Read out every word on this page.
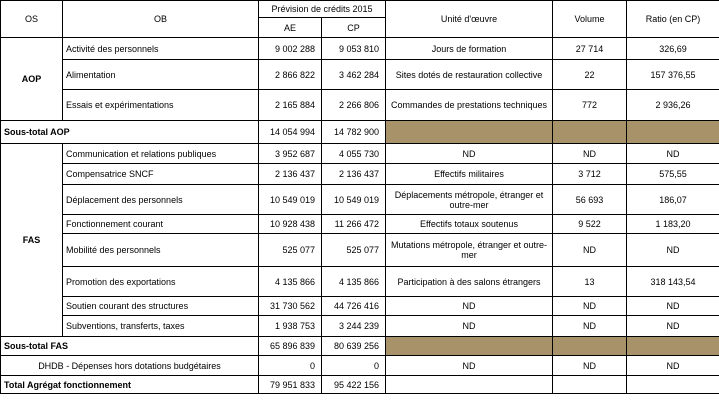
OS	OB	Prévision de crédits 2015		Unité d'œuvre	Volume	Ratio (en CP)
		AE	CP			
AOP	Activité des personnels	9 002 288	9 053 810	Jours de formation	27 714	326,69
	Alimentation	2 866 822	3 462 284	Sites dotés de restauration collective	22	157 376,55
	Essais et expérimentations	2 165 884	2 266 806	Commandes de prestations techniques	772	2 936,26
Sous-total AOP		14 054 994	14 782 900			
FAS	Communication et relations publiques	3 952 687	4 055 730	ND	ND	ND
	Compensatrice SNCF	2 136 437	2 136 437	Effectifs militaires	3 712	575,55
	Déplacement des personnels	10 549 019	10 549 019	Déplacements métropole, étranger et outre-mer	56 693	186,07
	Fonctionnement courant	10 928 438	11 266 472	Effectifs totaux soutenus	9 522	1 183,20
	Mobilité des personnels	525 077	525 077	Mutations métropole, étranger et outre-mer	ND	ND
	Promotion des exportations	4 135 866	4 135 866	Participation à des salons étrangers	13	318 143,54
	Soutien courant des structures	31 730 562	44 726 416	ND	ND	ND
	Subventions, transferts, taxes	1 938 753	3 244 239	ND	ND	ND
Sous-total FAS		65 896 839	80 639 256			
DHDB - Dépenses hors dotations budgétaires		0	0	ND	ND	ND
Total Agrégat fonctionnement		79 951 833	95 422 156			
